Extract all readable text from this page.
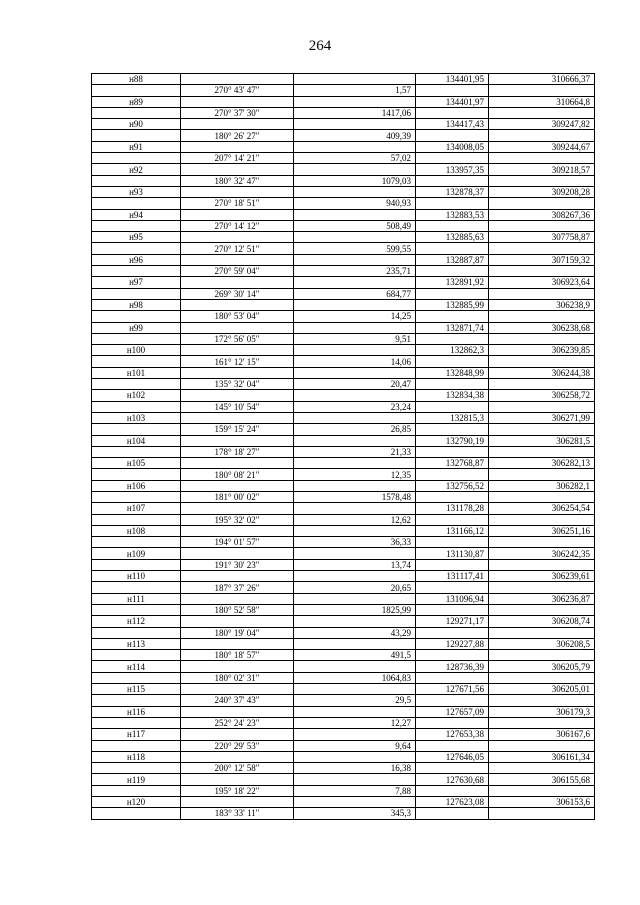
264
н88			134401,95	310666,37
	270° 43' 47"	1,57		
н89			134401,97	310664,8
	270° 37' 30"	1417,06		
н90			134417,43	309247,82
	180° 26' 27"	409,39		
н91			134008,05	309244,67
	207° 14' 21"	57,02		
н92			133957,35	309218,57
	180° 32' 47"	1079,03		
н93			132878,37	309208,28
	270° 18' 51"	940,93		
н94			132883,53	308267,36
	270° 14' 12"	508,49		
н95			132885,63	307758,87
	270° 12' 51"	599,55		
н96			132887,87	307159,32
	270° 59' 04"	235,71		
н97			132891,92	306923,64
	269° 30' 14"	684,77		
н98			132885,99	306238,9
	180° 53' 04"	14,25		
н99			132871,74	306238,68
	172° 56' 05"	9,51		
н100			132862,3	306239,85
	161° 12' 15"	14,06		
н101			132848,99	306244,38
	135° 32' 04"	20,47		
н102			132834,38	306258,72
	145° 10' 54"	23,24		
н103			132815,3	306271,99
	159° 15' 24"	26,85		
н104			132790,19	306281,5
	178° 18' 27"	21,33		
н105			132768,87	306282,13
	180° 08' 21"	12,35		
н106			132756,52	306282,1
	181° 00' 02"	1578,48		
н107			131178,28	306254,54
	195° 32' 02"	12,62		
н108			131166,12	306251,16
	194° 01' 57"	36,33		
н109			131130,87	306242,35
	191° 30' 23"	13,74		
н110			131117,41	306239,61
	187° 37' 26"	20,65		
н111			131096,94	306236,87
	180° 52' 58"	1825,99		
н112			129271,17	306208,74
	180° 19' 04"	43,29		
н113			129227,88	306208,5
	180° 18' 57"	491,5		
н114			128736,39	306205,79
	180° 02' 31"	1064,83		
н115			127671,56	306205,01
	240° 37' 43"	29,5		
н116			127657,09	306179,3
	252° 24' 23"	12,27		
н117			127653,38	306167,6
	220° 29' 53"	9,64		
н118			127646,05	306161,34
	200° 12' 58"	16,38		
н119			127630,68	306155,68
	195° 18' 22"	7,88		
н120			127623,08	306153,6
	183° 33' 11"	345,3		
